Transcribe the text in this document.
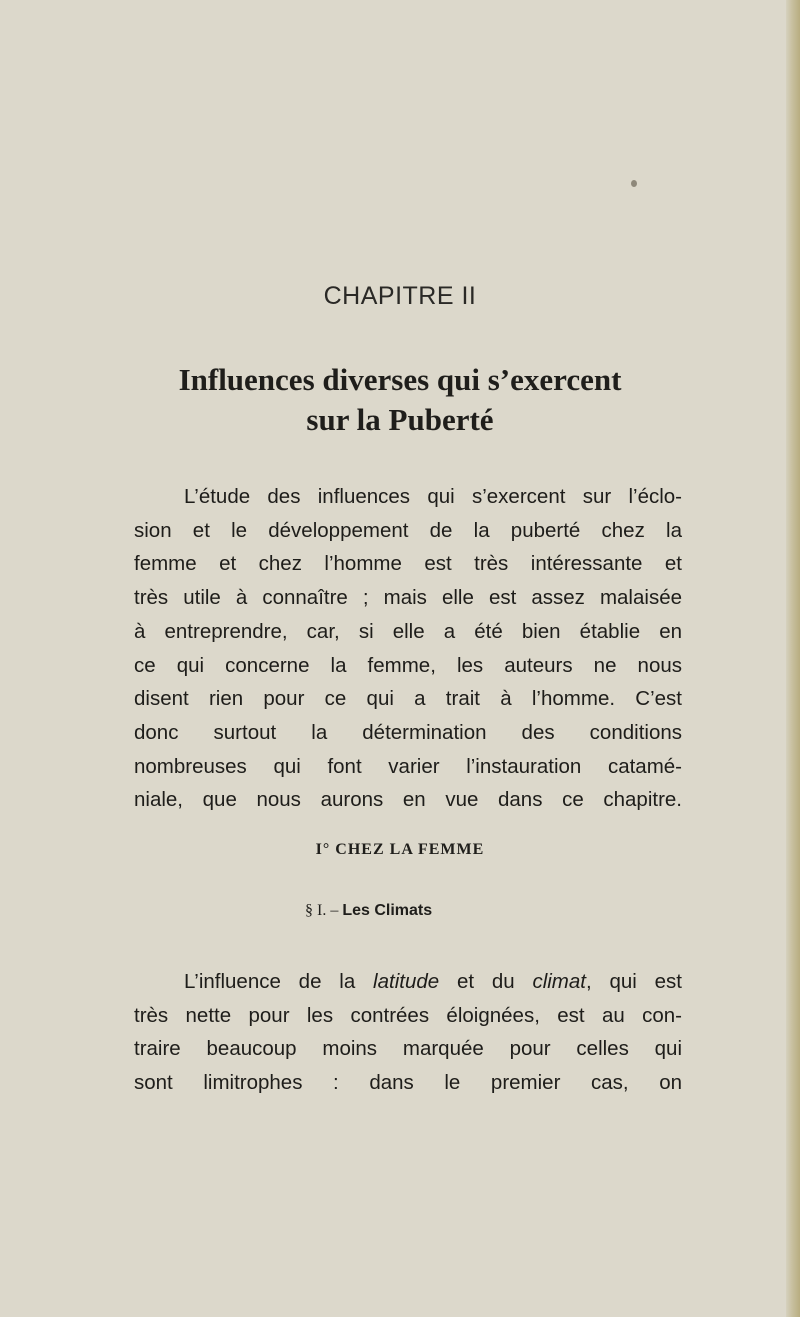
CHAPITRE II
Influences diverses qui s’exercent
sur la Puberté
L’étude des influences qui s’exercent sur l’éclo-
sion et le développement de la puberté chez la
femme et chez l’homme est très intéressante et
très utile à connaître ; mais elle est assez malaisée
à entreprendre, car, si elle a été bien établie en
ce qui concerne la femme, les auteurs ne nous
disent rien pour ce qui a trait à l’homme. C’est
donc surtout la détermination des conditions
nombreuses qui font varier l’instauration catamé-
niale, que nous aurons en vue dans ce chapitre.
I° CHEZ LA FEMME
§ I. – Les Climats
L’influence de la latitude et du climat, qui est
très nette pour les contrées éloignées, est au con-
traire beaucoup moins marquée pour celles qui
sont limitrophes : dans le premier cas, on
